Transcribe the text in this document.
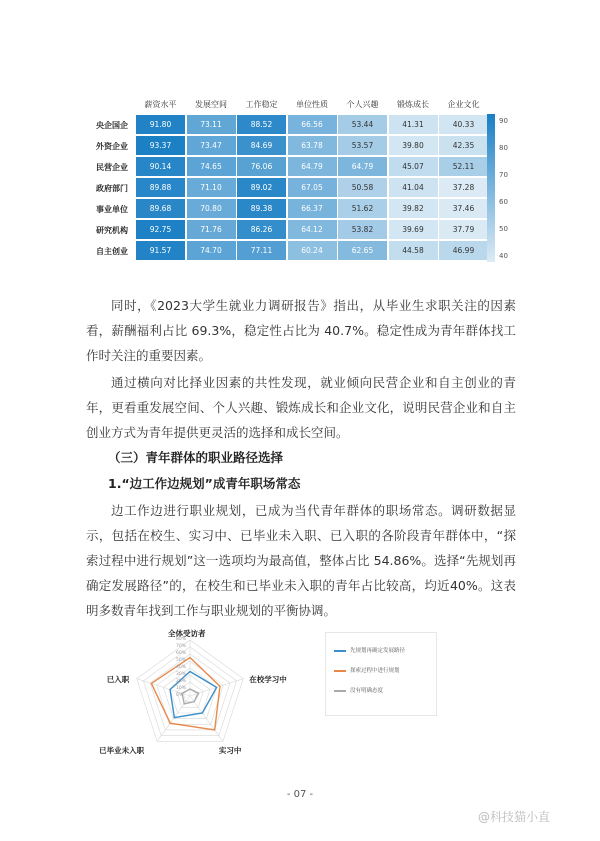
薪资水平	发展空间	工作稳定	单位性质	个人兴趣	锻炼成长	企业文化
央企国企	91.80	73.11	88.52	66.56	53.44	41.31	40.33
外资企业	93.37	73.47	84.69	63.78	53.57	39.80	42.35
民营企业	90.14	74.65	76.06	64.79	64.79	45.07	52.11
政府部门	89.88	71.10	89.02	67.05	50.58	41.04	37.28
事业单位	89.68	70.80	89.38	66.37	51.62	39.82	37.46
研究机构	92.75	71.76	86.26	64.12	53.82	39.69	37.79
自主创业	91.57	74.70	77.11	60.24	62.65	44.58	46.99
90
80
70
60
50
40
同时，《2023大学生就业力调研报告》指出，从毕业生求职关注的因素看，薪酬福利占比 69.3%，稳定性占比为 40.7%。稳定性成为青年群体找工作时关注的重要因素。
通过横向对比择业因素的共性发现，就业倾向民营企业和自主创业的青年，更看重发展空间、个人兴趣、锻炼成长和企业文化，说明民营企业和自主创业方式为青年提供更灵活的选择和成长空间。
（三）青年群体的职业路径选择
1.“边工作边规划”成青年职场常态
边工作边进行职业规划，已成为当代青年群体的职场常态。调研数据显示，包括在校生、实习中、已毕业未入职、已入职的各阶段青年群体中，“探索过程中进行规划”这一选项均为最高值，整体占比 54.86%。选择“先规划再确定发展路径”的，在校生和已毕业未入职的青年占比较高，均近40%。这表明多数青年找到工作与职业规划的平衡协调。
全体受访者
在校学习中
实习中
已毕业未入职
已入职
80%
70%
60%
50%
40%
30%
20%
10%
0%
先规划再确定发展路径
探索过程中进行规划
没有明确态度
- 07 -
@科技猫小直
